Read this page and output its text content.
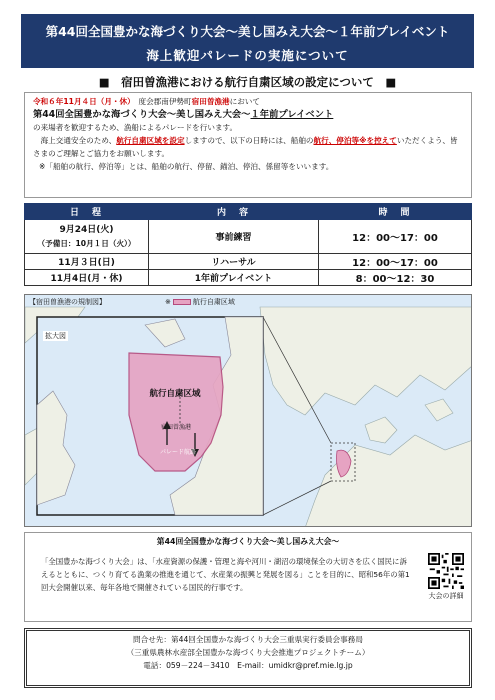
第44回全国豊かな海づくり大会～美し国みえ大会～１年前プレイベント
海上歓迎パレードの実施について
■　宿田曽漁港における航行自粛区域の設定について　■
令和６年11月４日（月・休）　度会郡南伊勢町宿田曽漁港において
第44回全国豊かな海づくり大会～美し国みえ大会～１年前プレイベント
の来場者を歓迎するため、漁船によるパレードを行います。
　海上交通安全のため、航行自粛区域を設定しますので、以下の日時には、船舶の航行、停泊等※を控えていただくよう、皆さまのご理解とご協力をお願いします。
※「船舶の航行、停泊等」とは、船舶の航行、停留、錨泊、停泊、係留等をいいます。
日　程	内　容	時　間

9月24日(火)
（予備日：10月１日（火））	事前練習	12：00～17：00
11月３日(日)	リハーサル	12：00～17：00
11月4日(月・休)	1年前プレイベント	8：00～12：30
【宿田曽漁港の規制図】	※	航行自粛区域
拡大図
航行自粛区域
宿田曽漁港
パレード航路
第44回全国豊かな海づくり大会～美し国みえ大会～
「全国豊かな海づくり大会」は、「水産資源の保護・管理と海や河川・湖沼の環境保全の大切さを広く国民に訴えるとともに、つくり育てる漁業の推進を通じて、水産業の振興と発展を図る」ことを目的に、昭和56年の第1回大会開催以来、毎年各地で開催されている国民的行事です。
大会の詳細
問合せ先：第44回全国豊かな海づくり大会三重県実行委員会事務局
（三重県農林水産部全国豊かな海づくり大会推進プロジェクトチーム）
電話：059－224－3410　E-mail：umidkr@pref.mie.lg.jp
